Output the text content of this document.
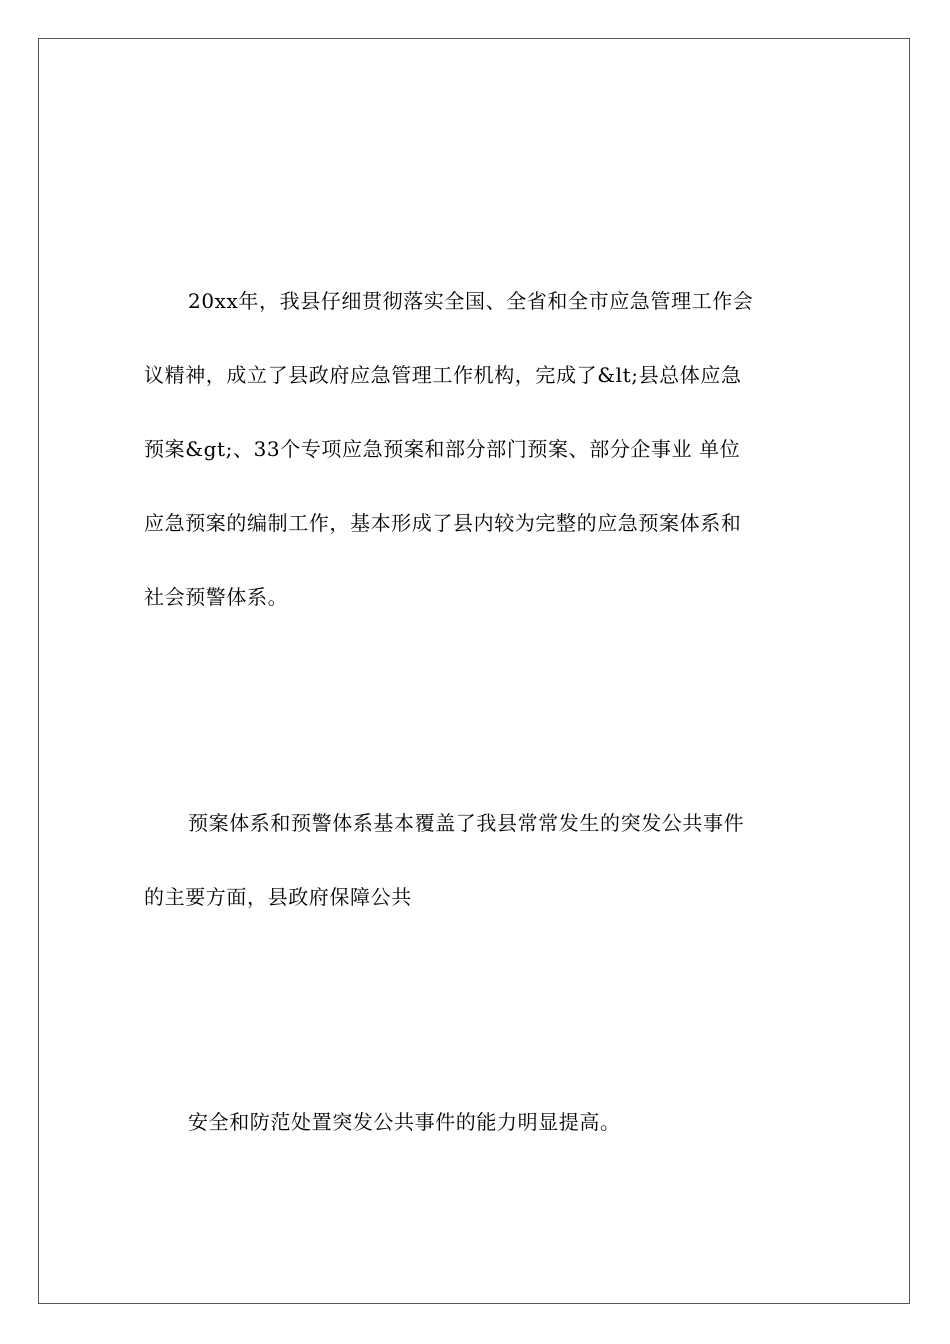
20xx年，我县仔细贯彻落实全国、全省和全市应急管理工作会
议精神，成立了县政府应急管理工作机构，完成了&lt;县总体应急
预案&gt;、33个专项应急预案和部分部门预案、部分企事业 单位
应急预案的编制工作，基本形成了县内较为完整的应急预案体系和
社会预警体系。
预案体系和预警体系基本覆盖了我县常常发生的突发公共事件
的主要方面，县政府保障公共
安全和防范处置突发公共事件的能力明显提高。
